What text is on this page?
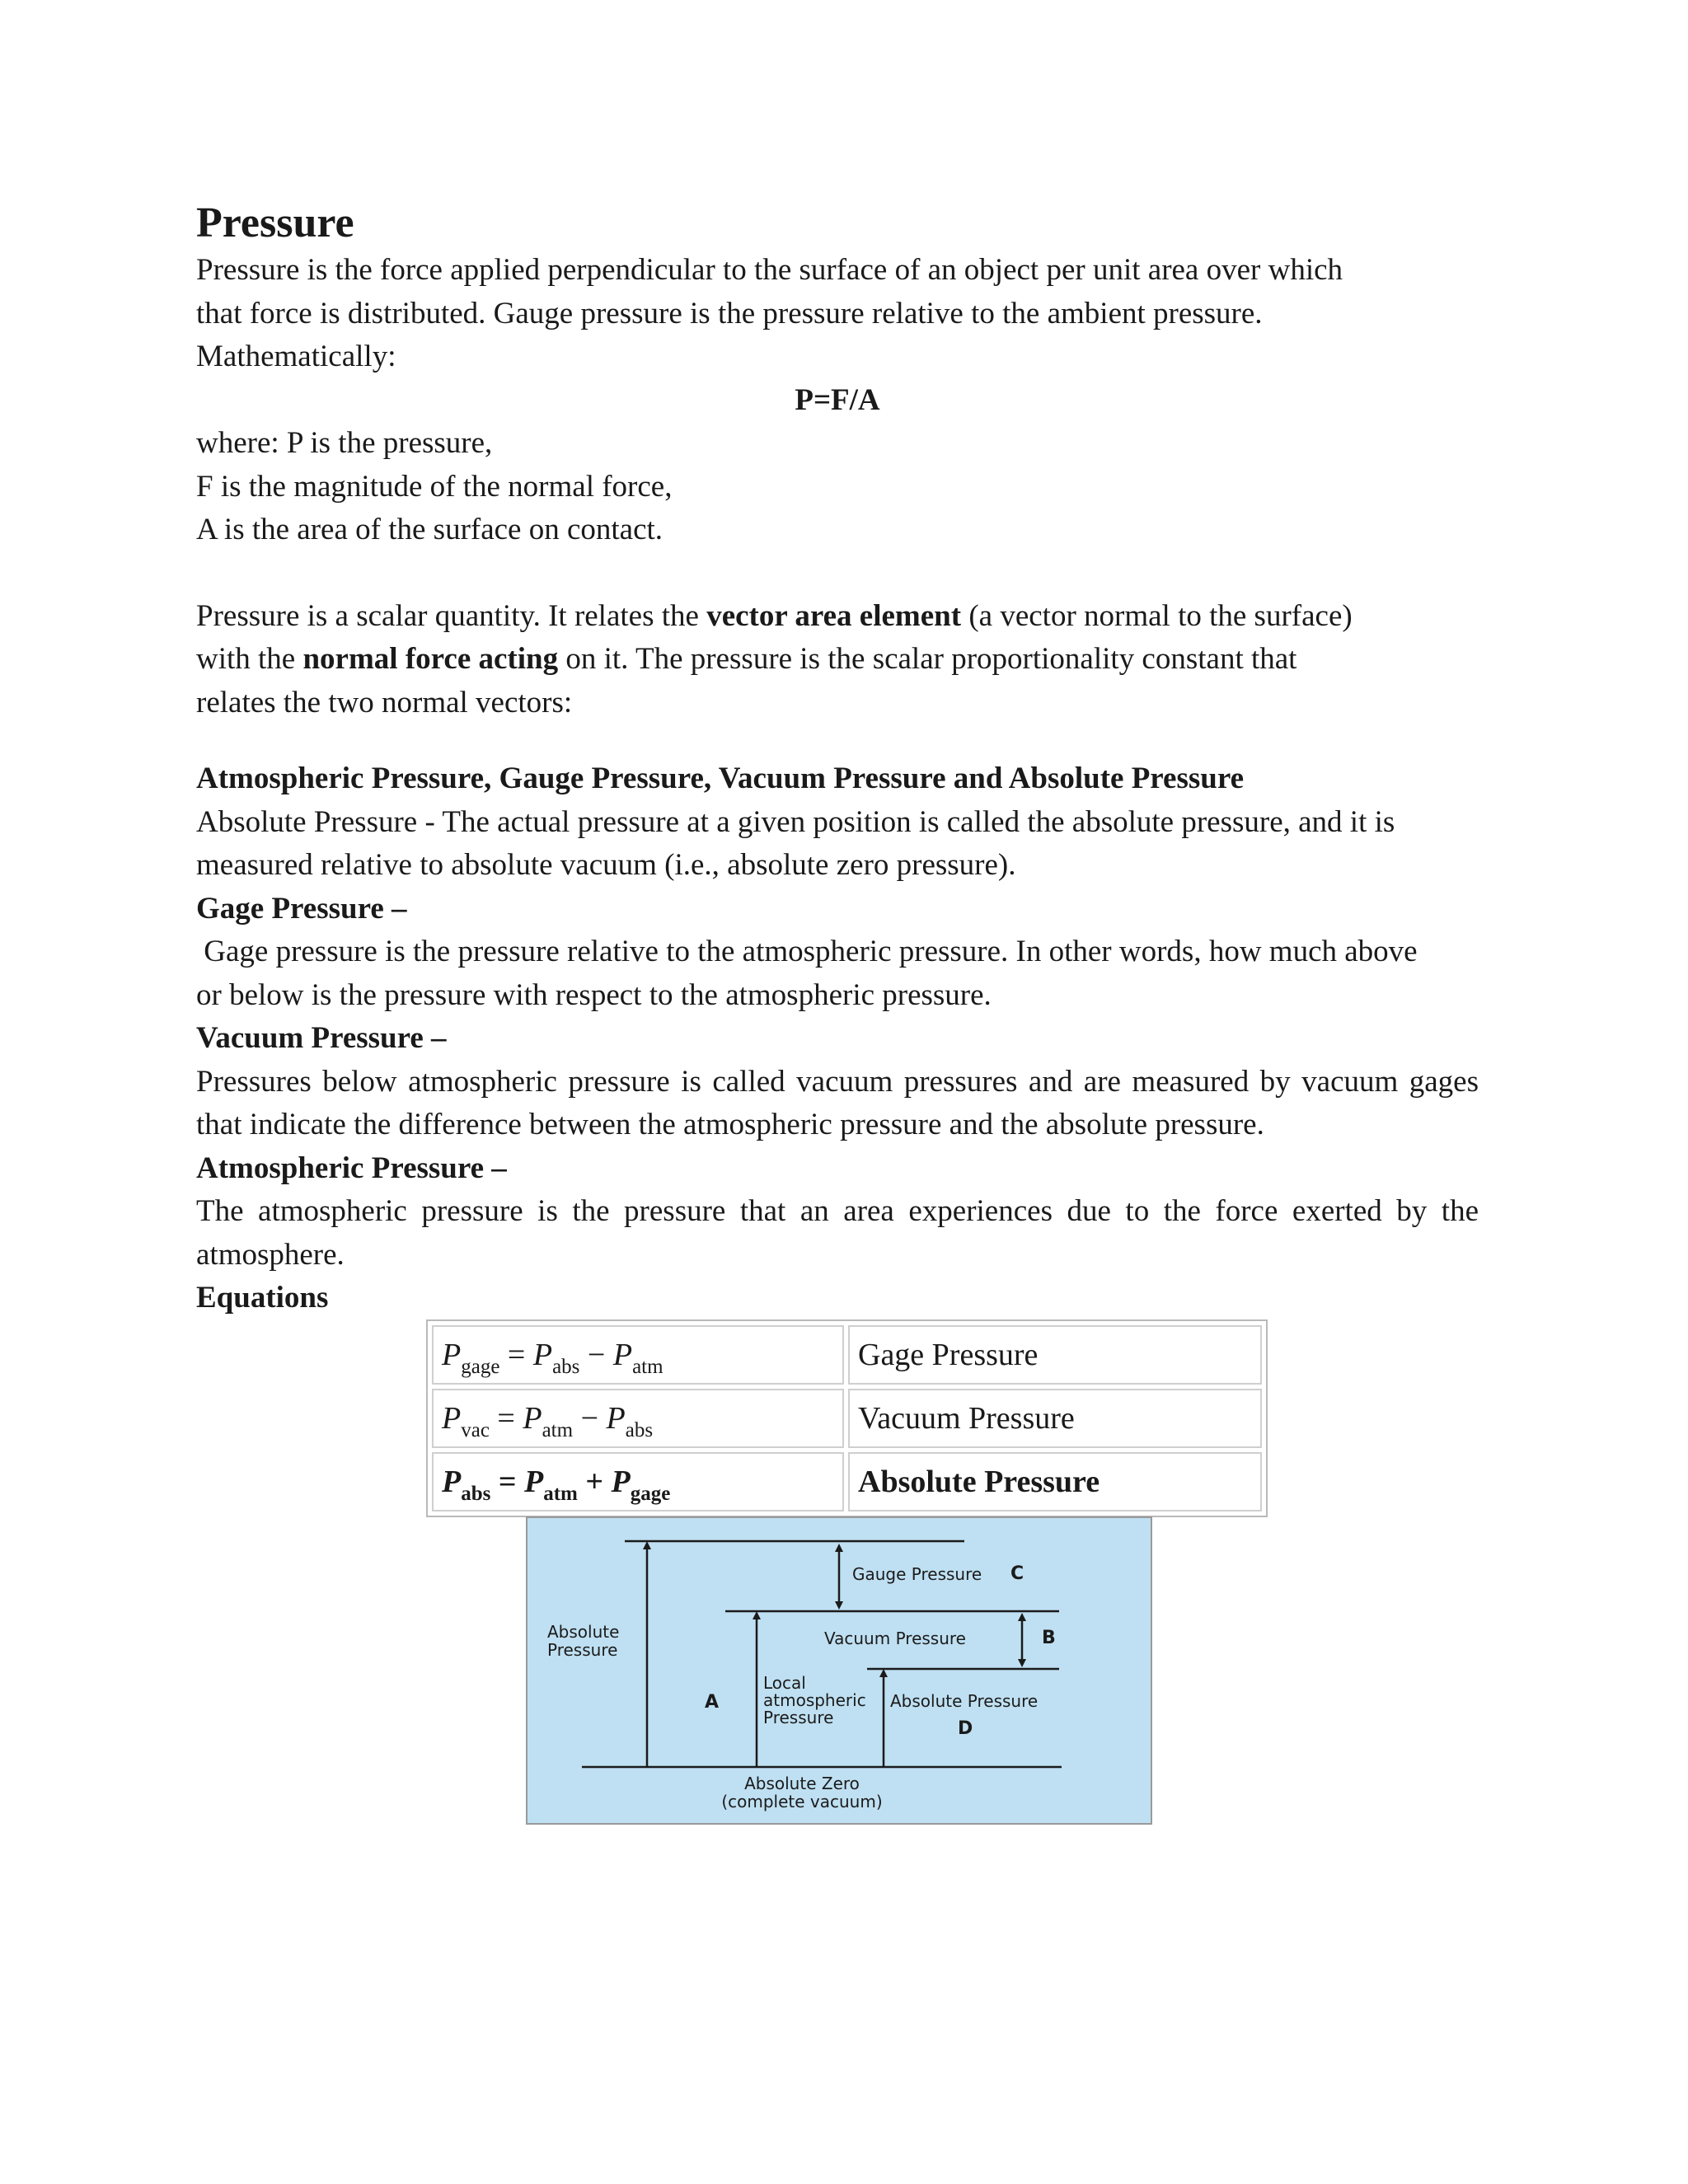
Pressure

Pressure is the force applied perpendicular to the surface of an object per unit area over which

that force is distributed. Gauge pressure is the pressure relative to the ambient pressure.

Mathematically:

P=F/A

where: P is the pressure,

F is the magnitude of the normal force,

A is the area of the surface on contact.

Pressure is a scalar quantity. It relates the vector area element (a vector normal to the surface)

with the normal force acting on it. The pressure is the scalar proportionality constant that

relates the two normal vectors:

Atmospheric Pressure, Gauge Pressure, Vacuum Pressure and Absolute Pressure

Absolute Pressure - The actual pressure at a given position is called the absolute pressure, and it is

measured relative to absolute vacuum (i.e., absolute zero pressure).

Gage Pressure –

Gage pressure is the pressure relative to the atmospheric pressure. In other words, how much above

or below is the pressure with respect to the atmospheric pressure.

Vacuum Pressure –

Pressures below atmospheric pressure is called vacuum pressures and are measured by vacuum gages that indicate the difference between the atmospheric pressure and the absolute pressure.

Atmospheric Pressure –

The atmospheric pressure is the pressure that an area experiences due to the force exerted by the atmosphere.

Equations

$P_{gage} = P_{abs} - P_{atm}$	Gage Pressure
$P_{vac} = P_{atm} - P_{abs}$	Vacuum Pressure
$P_{abs} = P_{atm} + P_{gage}$	Absolute Pressure
Gauge Pressure C
Absolute
Pressure
Vacuum Pressure	B
A
Local
atmospheric
Pressure
Absolute Pressure
D
Absolute Zero
(complete vacuum)
